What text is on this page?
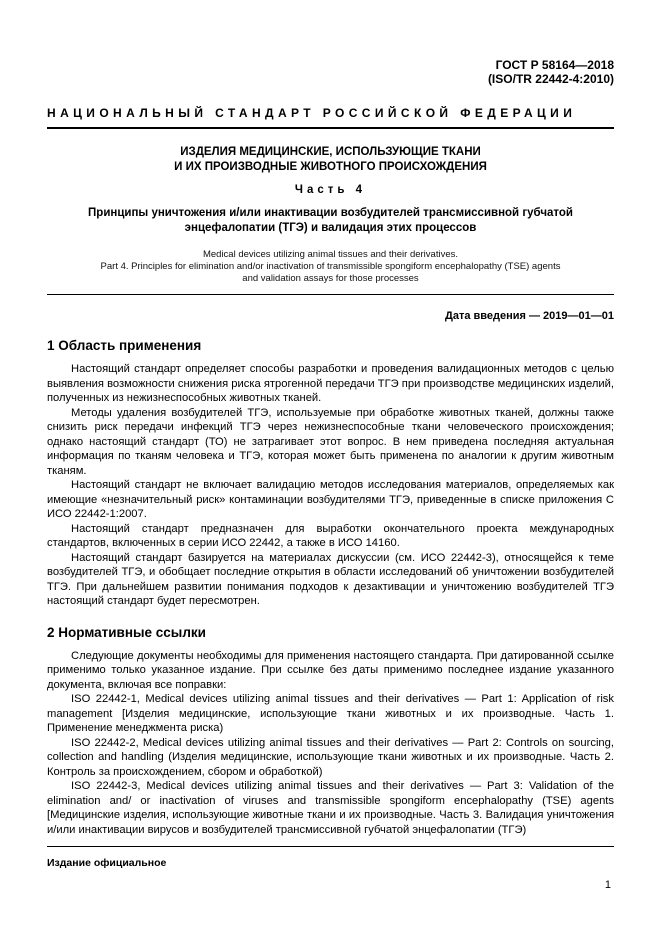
ГОСТ Р 58164—2018
(ISO/TR 22442-4:2010)
НАЦИОНАЛЬНЫЙ СТАНДАРТ РОССИЙСКОЙ ФЕДЕРАЦИИ
ИЗДЕЛИЯ МЕДИЦИНСКИЕ, ИСПОЛЬЗУЮЩИЕ ТКАНИ
И ИХ ПРОИЗВОДНЫЕ ЖИВОТНОГО ПРОИСХОЖДЕНИЯ
Часть 4
Принципы уничтожения и/или инактивации возбудителей трансмиссивной губчатой энцефалопатии (ТГЭ) и валидация этих процессов
Medical devices utilizing animal tissues and their derivatives.
Part 4. Principles for elimination and/or inactivation of transmissible spongiform encephalopathy (TSE) agents
and validation assays for those processes
Дата введения — 2019—01—01
1 Область применения

Настоящий стандарт определяет способы разработки и проведения валидационных методов с целью выявления возможности снижения риска ятрогенной передачи ТГЭ при производстве медицинских изделий, полученных из нежизнеспособных животных тканей.

Методы удаления возбудителей ТГЭ, используемые при обработке животных тканей, должны также снизить риск передачи инфекций ТГЭ через нежизнеспособные ткани человеческого происхождения; однако настоящий стандарт (ТО) не затрагивает этот вопрос. В нем приведена последняя актуальная информация по тканям человека и ТГЭ, которая может быть применена по аналогии к другим животным тканям.

Настоящий стандарт не включает валидацию методов исследования материалов, определяемых как имеющие «незначительный риск» контаминации возбудителями ТГЭ, приведенные в списке приложения С ИСО 22442-1:2007.

Настоящий стандарт предназначен для выработки окончательного проекта международных стандартов, включенных в серии ИСО 22442, а также в ИСО 14160.

Настоящий стандарт базируется на материалах дискуссии (см. ИСО 22442-3), относящейся к теме возбудителей ТГЭ, и обобщает последние открытия в области исследований об уничтожении возбудителей ТГЭ. При дальнейшем развитии понимания подходов к дезактивации и уничтожению возбудителей ТГЭ настоящий стандарт будет пересмотрен.

2 Нормативные ссылки

Следующие документы необходимы для применения настоящего стандарта. При датированной ссылке применимо только указанное издание. При ссылке без даты применимо последнее издание указанного документа, включая все поправки:

ISO 22442-1, Medical devices utilizing animal tissues and their derivatives — Part 1: Application of risk management [Изделия медицинские, использующие ткани животных и их производные. Часть 1. Применение менеджмента риска)

ISO 22442-2, Medical devices utilizing animal tissues and their derivatives — Part 2: Controls on sourcing, collection and handling (Изделия медицинские, использующие ткани животных и их производные. Часть 2. Контроль за происхождением, сбором и обработкой)

ISO 22442-3, Medical devices utilizing animal tissues and their derivatives — Part 3: Validation of the elimination and/ or inactivation of viruses and transmissible spongiform encephalopathy (TSE) agents [Медицинские изделия, использующие животные ткани и их производные. Часть 3. Валидация уничтожения и/или инактивации вирусов и возбудителей трансмиссивной губчатой энцефалопатии (ТГЭ)

Издание официальное
1
